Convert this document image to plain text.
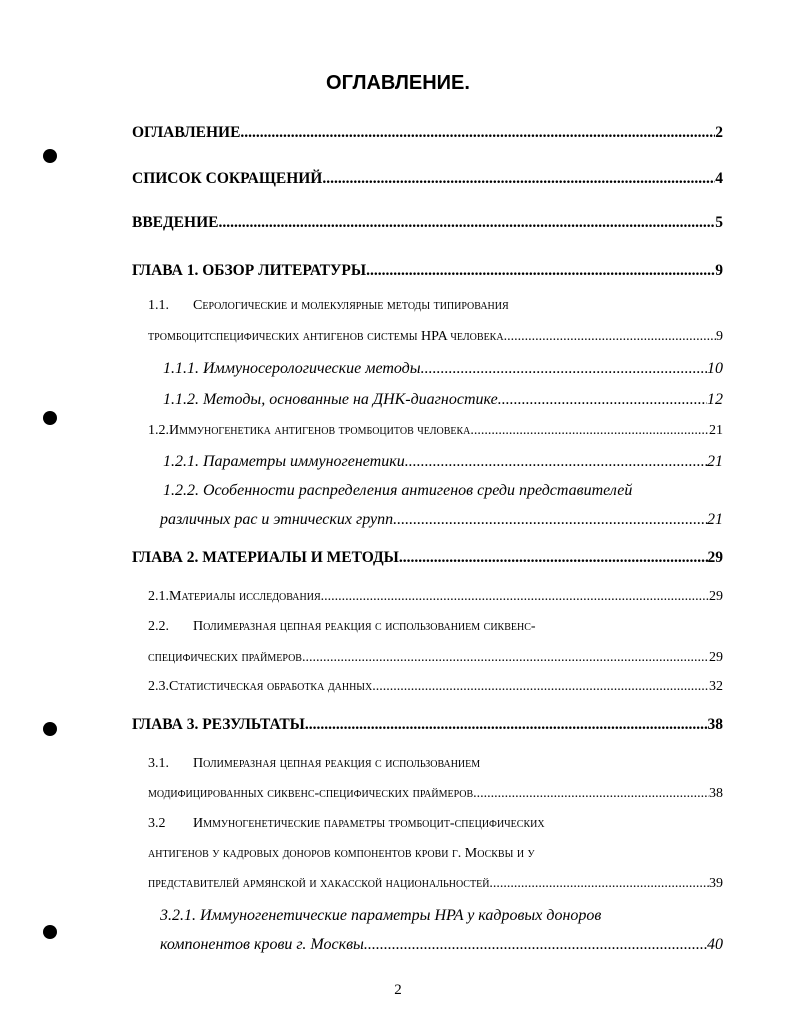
ОГЛАВЛЕНИЕ.
ОГЛАВЛЕНИЕ. .....	2
СПИСОК СОКРАЩЕНИЙ. .....	4
ВВЕДЕНИЕ .....	5
ГЛАВА 1. ОБЗОР ЛИТЕРАТУРЫ. .....	9
1.1. Серологические и молекулярные методы типирования
тромбоцитспецифических антигенов системы HPA человека. .....	9
1.1.1. Иммуносерологические методы. .....	10
1.1.2. Методы, основанные на ДНК-диагностике .....	12
1.2. Иммуногенетика антигенов тромбоцитов человека. .....	21
1.2.1. Параметры иммуногенетики. .....	21
1.2.2. Особенности распределения антигенов среди представителей
различных рас и этнических групп. .....	21
ГЛАВА 2. МАТЕРИАЛЫ И МЕТОДЫ. .....	29
2.1. Материалы исследования. .....	29
2.2. Полимеразная цепная реакция с использованием сиквенс-
специфических праймеров. .....	29
2.3. Статистическая обработка данных. .....	32
ГЛАВА 3. РЕЗУЛЬТАТЫ .....	38
3.1. Полимеразная цепная реакция с использованием
модифицированных сиквенс-специфических праймеров. .....	38
3.2 Иммуногенетические параметры тромбоцит-специфических
антигенов у кадровых доноров компонентов крови г. Москвы и у
представителей армянской и хакасской национальностей. .....	39
3.2.1. Иммуногенетические параметры HPA у кадровых доноров
компонентов крови г. Москвы. .....	40
2
